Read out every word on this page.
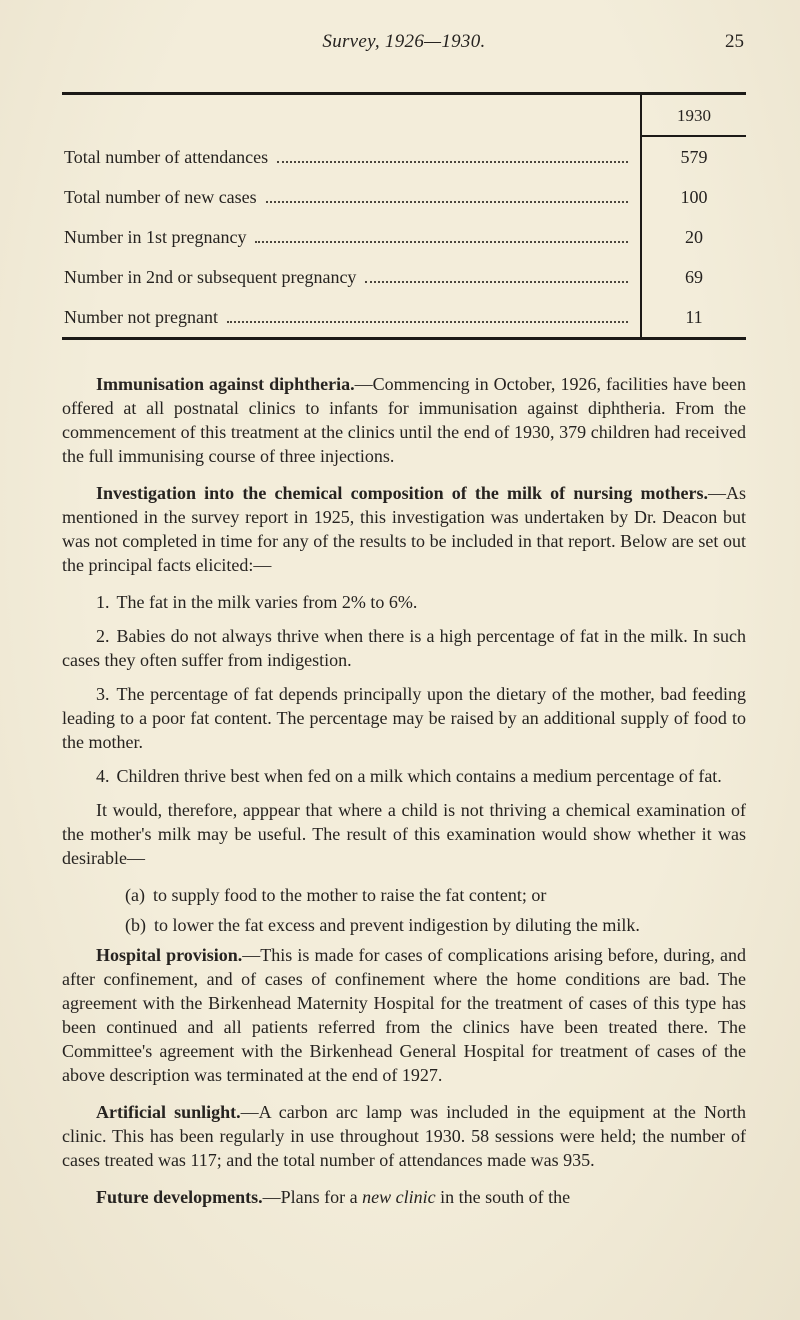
Survey, 1926—1930.	25
1930
Total number of attendances	579
Total number of new cases	100
Number in 1st pregnancy	20
Number in 2nd or subsequent pregnancy	69
Number not pregnant	11

Immunisation against diphtheria.—Commencing in October, 1926, facilities have been offered at all postnatal clinics to infants for immunisation against diphtheria. From the commencement of this treatment at the clinics until the end of 1930, 379 children had received the full immunising course of three injections.

Investigation into the chemical composition of the milk of nursing mothers.—As mentioned in the survey report in 1925, this investigation was undertaken by Dr. Deacon but was not completed in time for any of the results to be included in that report. Below are set out the principal facts elicited:—

1. The fat in the milk varies from 2% to 6%.

2. Babies do not always thrive when there is a high percentage of fat in the milk. In such cases they often suffer from indigestion.

3. The percentage of fat depends principally upon the dietary of the mother, bad feeding leading to a poor fat content. The percentage may be raised by an additional supply of food to the mother.

4. Children thrive best when fed on a milk which contains a medium percentage of fat.

It would, therefore, apppear that where a child is not thriving a chemical examination of the mother's milk may be useful. The result of this examination would show whether it was desirable—

(a) to supply food to the mother to raise the fat content; or

(b) to lower the fat excess and prevent indigestion by diluting the milk.

Hospital provision.—This is made for cases of complications arising before, during, and after confinement, and of cases of confinement where the home conditions are bad. The agreement with the Birkenhead Maternity Hospital for the treatment of cases of this type has been continued and all patients referred from the clinics have been treated there. The Committee's agreement with the Birkenhead General Hospital for treatment of cases of the above description was terminated at the end of 1927.

Artificial sunlight.—A carbon arc lamp was included in the equipment at the North clinic. This has been regularly in use throughout 1930. 58 sessions were held; the number of cases treated was 117; and the total number of attendances made was 935.

Future developments.—Plans for a new clinic in the south of the
